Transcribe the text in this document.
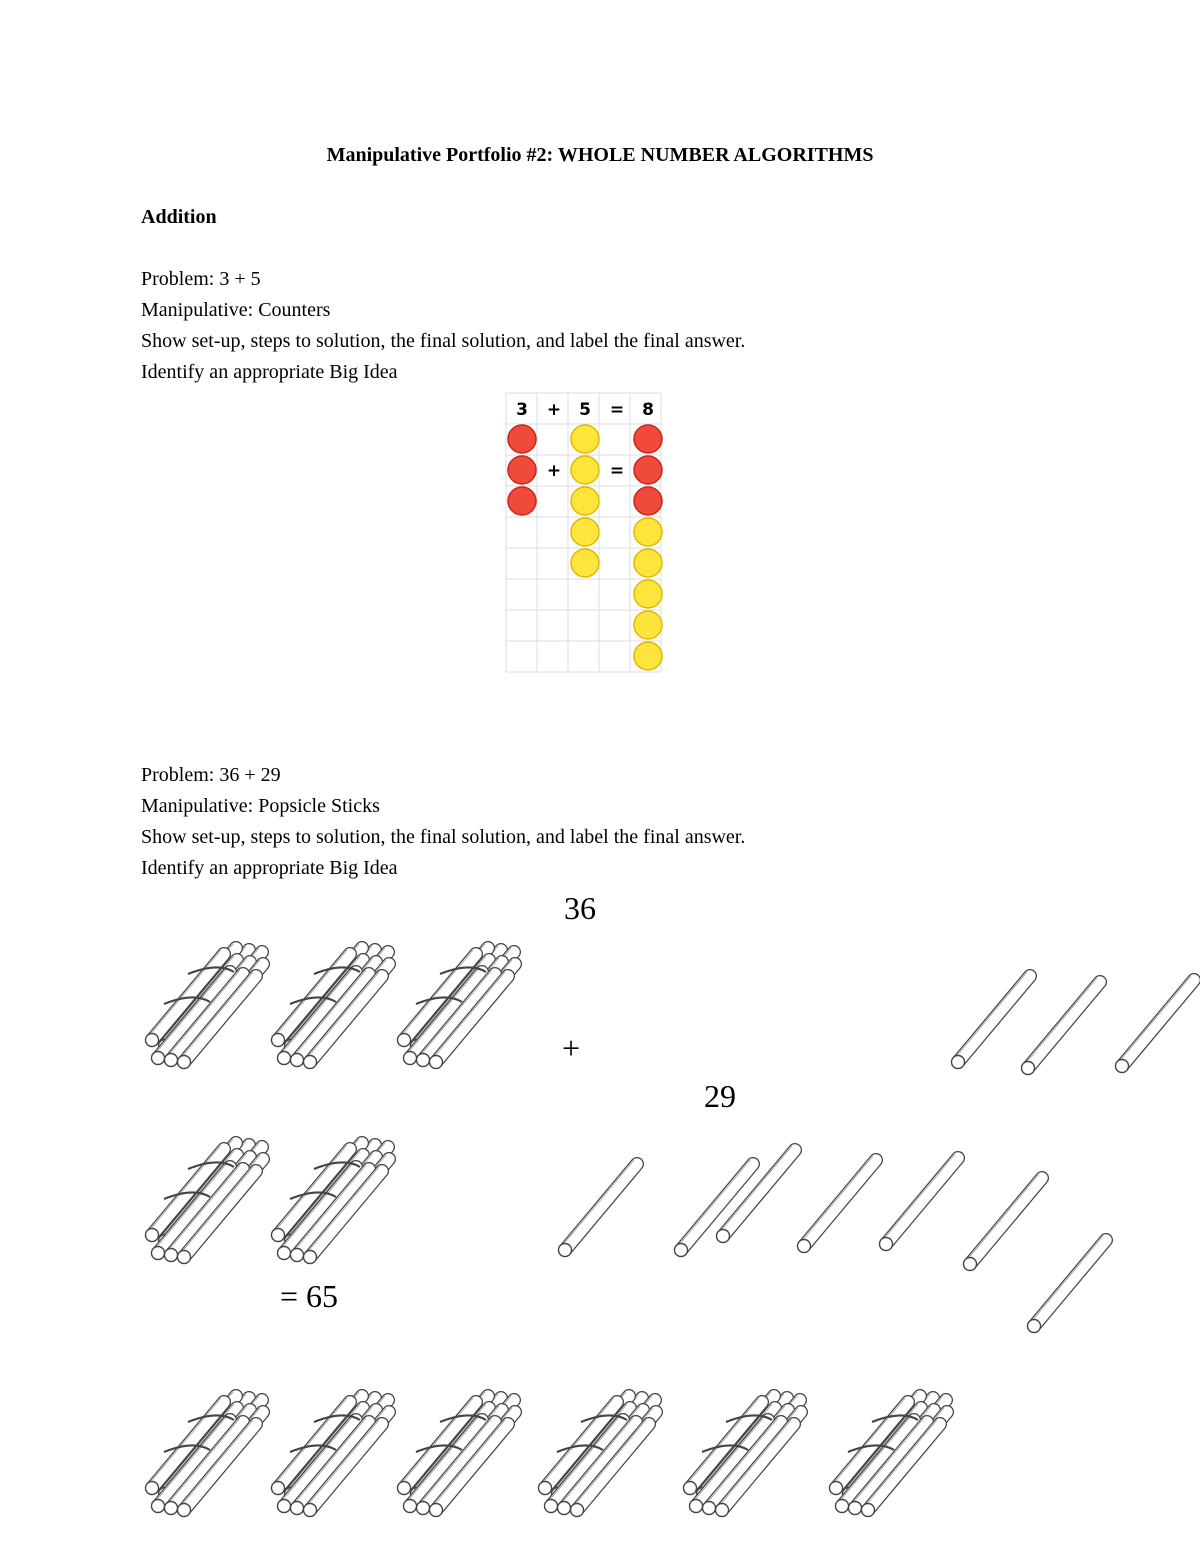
Manipulative Portfolio #2: WHOLE NUMBER ALGORITHMS
Addition
Problem: 3 + 5
Manipulative: Counters
Show set-up, steps to solution, the final solution, and label the final answer.
Identify an appropriate Big Idea
3 + 5 = 8
+	=
Problem: 36 + 29
Manipulative: Popsicle Sticks
Show set-up, steps to solution, the final solution, and label the final answer.
Identify an appropriate Big Idea
36
+
29
= 65
